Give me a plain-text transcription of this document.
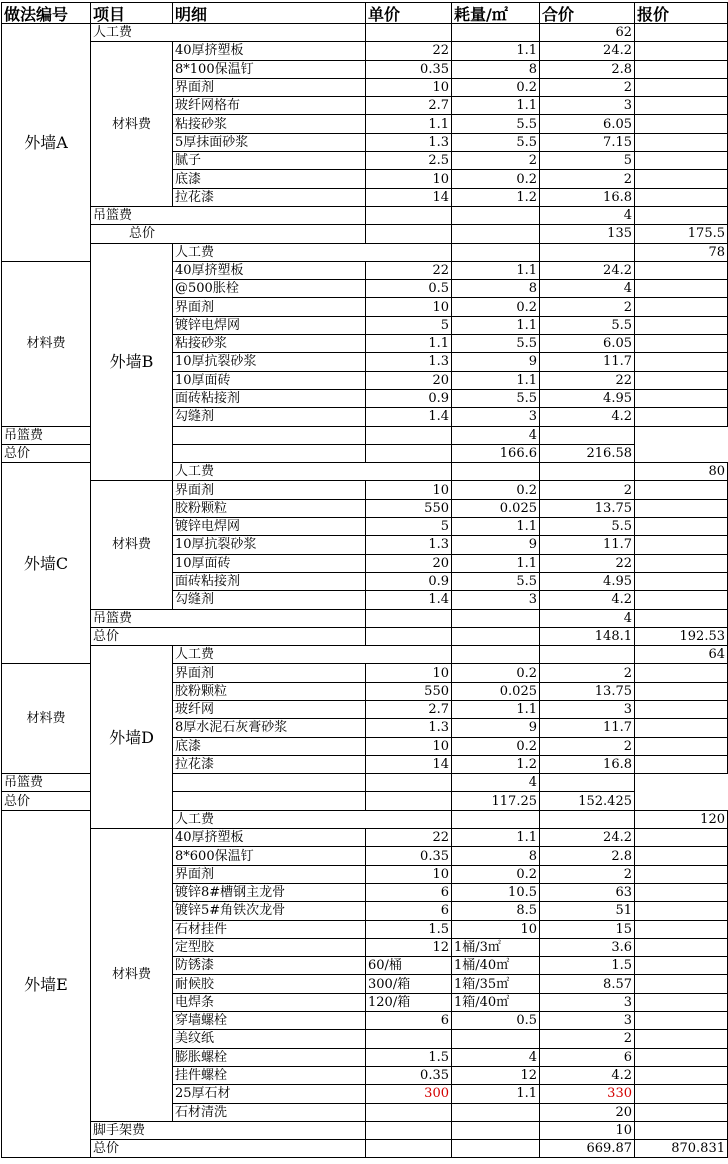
做法编号	项目	明细	单价	耗量/㎡	合价	报价	
外墙A	人工费				62		
	材料费	40厚挤塑板	22	1.1	24.2		
		8*100保温钉	0.35	8	2.8		
		界面剂	10	0.2	2		
		玻纤网格布	2.7	1.1	3		
		粘接砂浆	1.1	5.5	6.05		
		5厚抹面砂浆	1.3	5.5	7.15		
		腻子	2.5	2	5		
		底漆	10	0.2	2		
		拉花漆	14	1.2	16.8		
	吊篮费				4		
	总价				135	175.5	
	外墙B	人工费				78	
材料费		40厚挤塑板	22	1.1	24.2		
		@500胀栓	0.5	8	4		
		界面剂	10	0.2	2		
		镀锌电焊网	5	1.1	5.5		
		粘接砂浆	1.1	5.5	6.05		
		10厚抗裂砂浆	1.3	9	11.7		
		10厚面砖	20	1.1	22		
		面砖粘接剂	0.9	5.5	4.95		
		勾缝剂	1.4	3	4.2		
吊篮费				4			
总价				166.6	216.58		
外墙C		人工费				80	
	材料费	界面剂	10	0.2	2		
		胶粉颗粒	550	0.025	13.75		
		镀锌电焊网	5	1.1	5.5		
		10厚抗裂砂浆	1.3	9	11.7		
		10厚面砖	20	1.1	22		
		面砖粘接剂	0.9	5.5	4.95		
		勾缝剂	1.4	3	4.2		
	吊篮费				4		
	总价				148.1	192.53	
	外墙D	人工费				64	
材料费		界面剂	10	0.2	2		
		胶粉颗粒	550	0.025	13.75		
		玻纤网	2.7	1.1	3		
		8厚水泥石灰膏砂浆	1.3	9	11.7		
		底漆	10	0.2	2		
		拉花漆	14	1.2	16.8		
吊篮费				4			
总价				117.25	152.425		
外墙E		人工费				120	
	材料费	40厚挤塑板	22	1.1	24.2		
		8*600保温钉	0.35	8	2.8		
		界面剂	10	0.2	2		
		镀锌8#槽钢主龙骨	6	10.5	63		
		镀锌5#角铁次龙骨	6	8.5	51		
		石材挂件	1.5	10	15		
		定型胶	12	1桶/3㎡	3.6		
		防锈漆	60/桶	1桶/40㎡	1.5		
		耐候胶	300/箱	1箱/35㎡	8.57		
		电焊条	120/箱	1箱/40㎡	3		
		穿墙螺栓	6	0.5	3		
		美纹纸			2		
		膨胀螺栓	1.5	4	6		
		挂件螺栓	0.35	12	4.2		
		25厚石材	300	1.1	330		
		石材清洗			20		
	脚手架费				10		
	总价				669.87	870.831	
